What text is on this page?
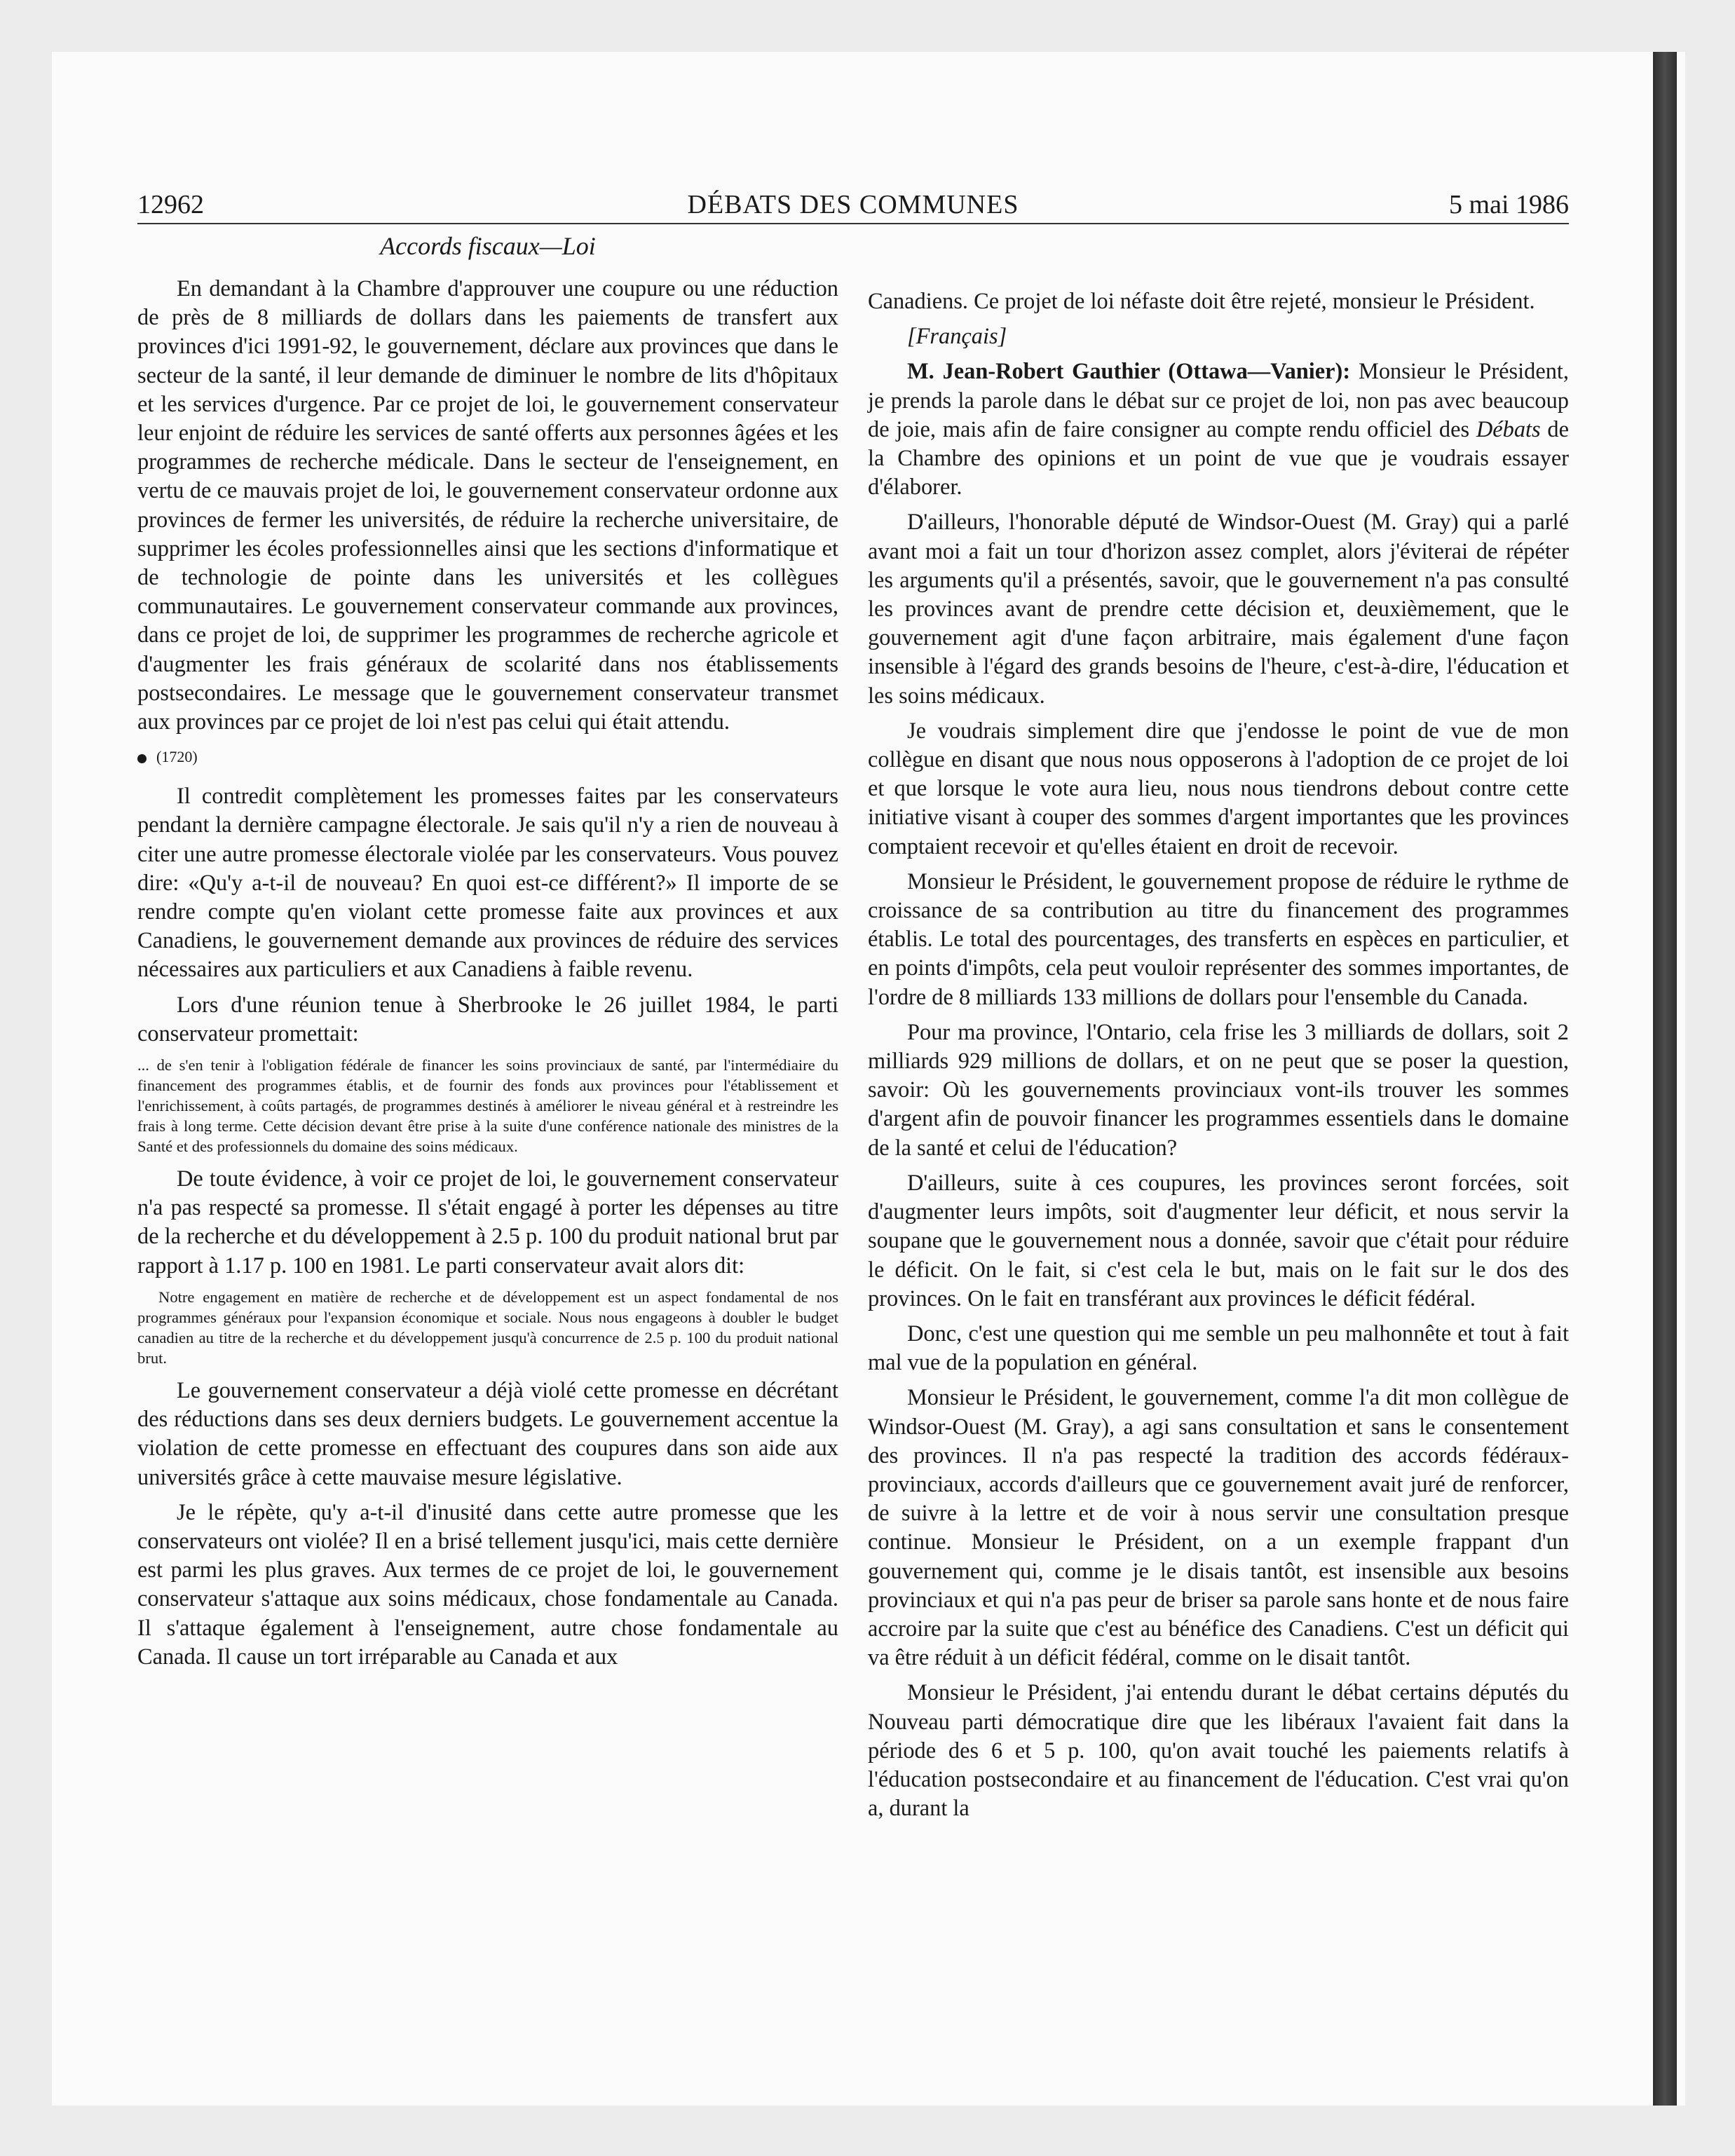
12962	DÉBATS DES COMMUNES	5 mai 1986
Accords fiscaux—Loi

En demandant à la Chambre d'approuver une coupure ou une réduction de près de 8 milliards de dollars dans les paiements de transfert aux provinces d'ici 1991-92, le gouvernement, déclare aux provinces que dans le secteur de la santé, il leur demande de diminuer le nombre de lits d'hôpitaux et les services d'urgence. Par ce projet de loi, le gouvernement conservateur leur enjoint de réduire les services de santé offerts aux personnes âgées et les programmes de recherche médicale. Dans le secteur de l'enseignement, en vertu de ce mauvais projet de loi, le gouvernement conservateur ordonne aux provinces de fermer les universités, de réduire la recherche universitaire, de supprimer les écoles professionnelles ainsi que les sections d'informatique et de technologie de pointe dans les universités et les collègues communautaires. Le gouvernement conservateur commande aux provinces, dans ce projet de loi, de supprimer les programmes de recherche agricole et d'augmenter les frais généraux de scolarité dans nos établissements postsecondaires. Le message que le gouvernement conservateur transmet aux provinces par ce projet de loi n'est pas celui qui était attendu.

(1720)

Il contredit complètement les promesses faites par les conservateurs pendant la dernière campagne électorale. Je sais qu'il n'y a rien de nouveau à citer une autre promesse électorale violée par les conservateurs. Vous pouvez dire: «Qu'y a-t-il de nouveau? En quoi est-ce différent?» Il importe de se rendre compte qu'en violant cette promesse faite aux provinces et aux Canadiens, le gouvernement demande aux provinces de réduire des services nécessaires aux particuliers et aux Canadiens à faible revenu.

Lors d'une réunion tenue à Sherbrooke le 26 juillet 1984, le parti conservateur promettait:

... de s'en tenir à l'obligation fédérale de financer les soins provinciaux de santé, par l'intermédiaire du financement des programmes établis, et de fournir des fonds aux provinces pour l'établissement et l'enrichissement, à coûts partagés, de programmes destinés à améliorer le niveau général et à restreindre les frais à long terme. Cette décision devant être prise à la suite d'une conférence nationale des ministres de la Santé et des professionnels du domaine des soins médicaux.

De toute évidence, à voir ce projet de loi, le gouvernement conservateur n'a pas respecté sa promesse. Il s'était engagé à porter les dépenses au titre de la recherche et du développement à 2.5 p. 100 du produit national brut par rapport à 1.17 p. 100 en 1981. Le parti conservateur avait alors dit:

Notre engagement en matière de recherche et de développement est un aspect fondamental de nos programmes généraux pour l'expansion économique et sociale. Nous nous engageons à doubler le budget canadien au titre de la recherche et du développement jusqu'à concurrence de 2.5 p. 100 du produit national brut.

Le gouvernement conservateur a déjà violé cette promesse en décrétant des réductions dans ses deux derniers budgets. Le gouvernement accentue la violation de cette promesse en effectuant des coupures dans son aide aux universités grâce à cette mauvaise mesure législative.

Je le répète, qu'y a-t-il d'inusité dans cette autre promesse que les conservateurs ont violée? Il en a brisé tellement jusqu'ici, mais cette dernière est parmi les plus graves. Aux termes de ce projet de loi, le gouvernement conservateur s'attaque aux soins médicaux, chose fondamentale au Canada. Il s'attaque également à l'enseignement, autre chose fondamentale au Canada. Il cause un tort irréparable au Canada et aux

Canadiens. Ce projet de loi néfaste doit être rejeté, monsieur le Président.

[Français]

M. Jean-Robert Gauthier (Ottawa—Vanier): Monsieur le Président, je prends la parole dans le débat sur ce projet de loi, non pas avec beaucoup de joie, mais afin de faire consigner au compte rendu officiel des Débats de la Chambre des opinions et un point de vue que je voudrais essayer d'élaborer.

D'ailleurs, l'honorable député de Windsor-Ouest (M. Gray) qui a parlé avant moi a fait un tour d'horizon assez complet, alors j'éviterai de répéter les arguments qu'il a présentés, savoir, que le gouvernement n'a pas consulté les provinces avant de prendre cette décision et, deuxièmement, que le gouvernement agit d'une façon arbitraire, mais également d'une façon insensible à l'égard des grands besoins de l'heure, c'est-à-dire, l'éducation et les soins médicaux.

Je voudrais simplement dire que j'endosse le point de vue de mon collègue en disant que nous nous opposerons à l'adoption de ce projet de loi et que lorsque le vote aura lieu, nous nous tiendrons debout contre cette initiative visant à couper des sommes d'argent importantes que les provinces comptaient recevoir et qu'elles étaient en droit de recevoir.

Monsieur le Président, le gouvernement propose de réduire le rythme de croissance de sa contribution au titre du financement des programmes établis. Le total des pourcentages, des transferts en espèces en particulier, et en points d'impôts, cela peut vouloir représenter des sommes importantes, de l'ordre de 8 milliards 133 millions de dollars pour l'ensemble du Canada.

Pour ma province, l'Ontario, cela frise les 3 milliards de dollars, soit 2 milliards 929 millions de dollars, et on ne peut que se poser la question, savoir: Où les gouvernements provinciaux vont-ils trouver les sommes d'argent afin de pouvoir financer les programmes essentiels dans le domaine de la santé et celui de l'éducation?

D'ailleurs, suite à ces coupures, les provinces seront forcées, soit d'augmenter leurs impôts, soit d'augmenter leur déficit, et nous servir la soupane que le gouvernement nous a donnée, savoir que c'était pour réduire le déficit. On le fait, si c'est cela le but, mais on le fait sur le dos des provinces. On le fait en transférant aux provinces le déficit fédéral.

Donc, c'est une question qui me semble un peu malhonnête et tout à fait mal vue de la population en général.

Monsieur le Président, le gouvernement, comme l'a dit mon collègue de Windsor-Ouest (M. Gray), a agi sans consultation et sans le consentement des provinces. Il n'a pas respecté la tradition des accords fédéraux-provinciaux, accords d'ailleurs que ce gouvernement avait juré de renforcer, de suivre à la lettre et de voir à nous servir une consultation presque continue. Monsieur le Président, on a un exemple frappant d'un gouvernement qui, comme je le disais tantôt, est insensible aux besoins provinciaux et qui n'a pas peur de briser sa parole sans honte et de nous faire accroire par la suite que c'est au bénéfice des Canadiens. C'est un déficit qui va être réduit à un déficit fédéral, comme on le disait tantôt.

Monsieur le Président, j'ai entendu durant le débat certains députés du Nouveau parti démocratique dire que les libéraux l'avaient fait dans la période des 6 et 5 p. 100, qu'on avait touché les paiements relatifs à l'éducation postsecondaire et au financement de l'éducation. C'est vrai qu'on a, durant la
